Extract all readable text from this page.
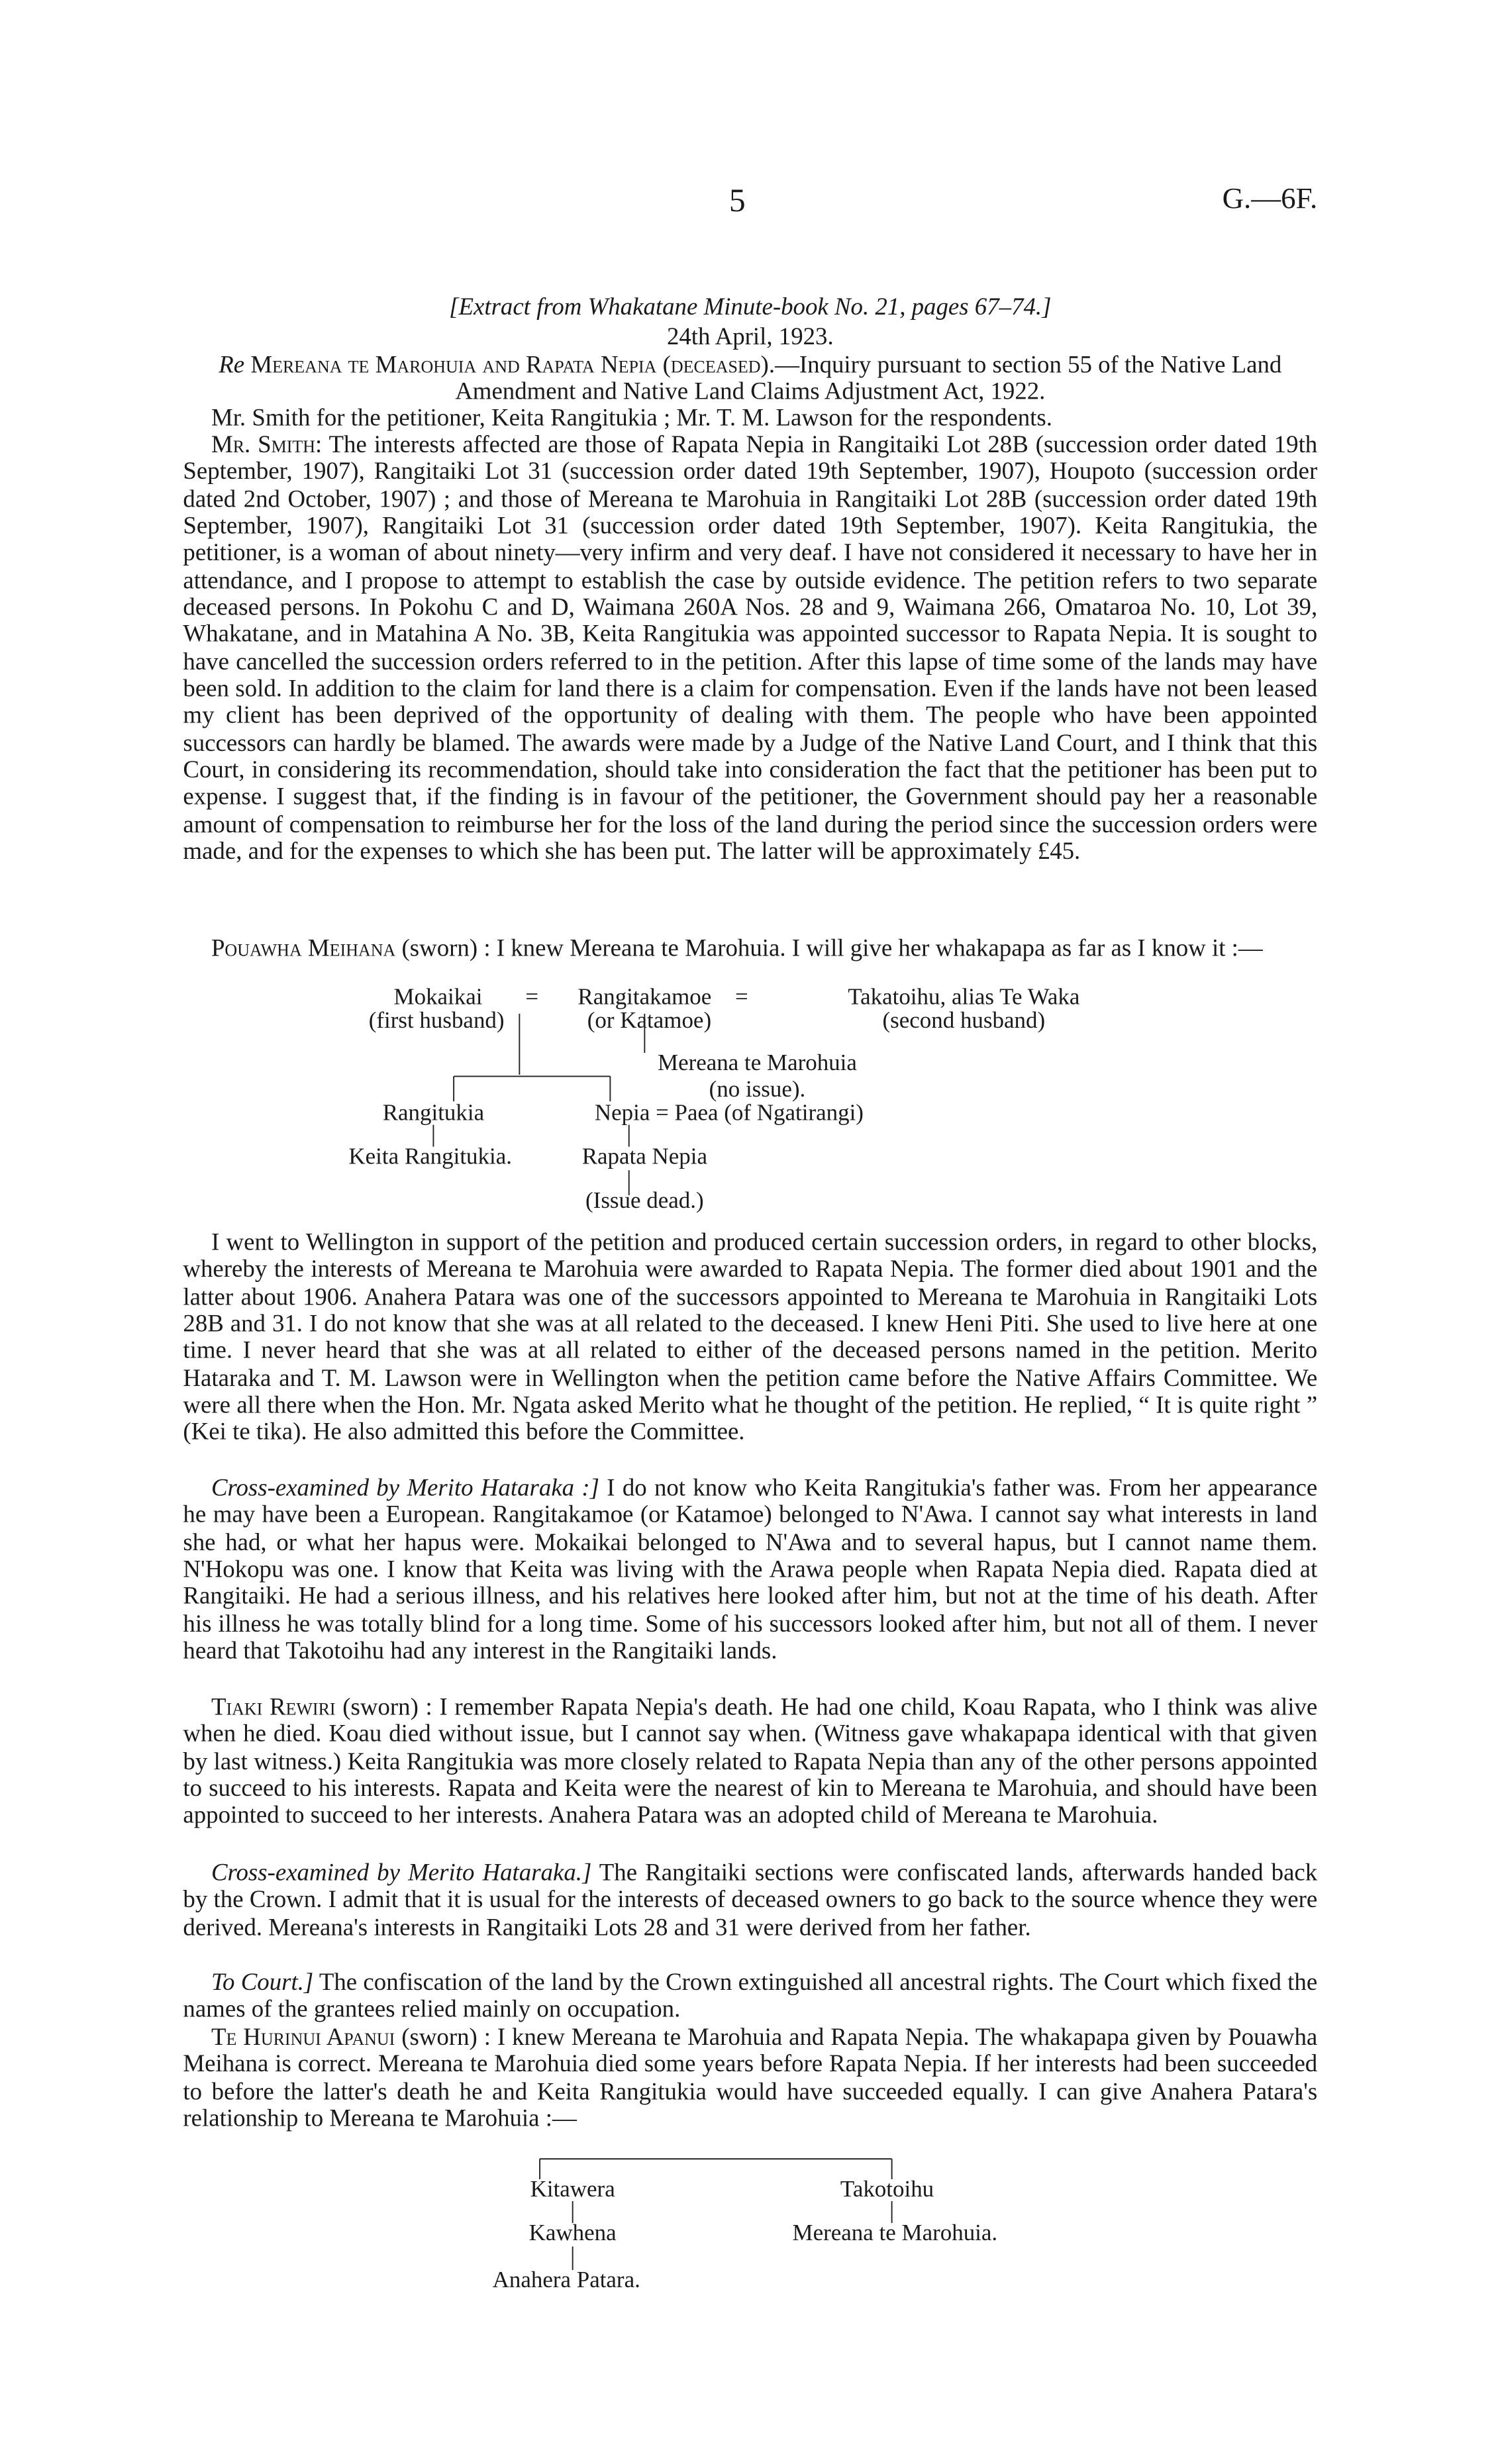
5	G.—6F.
[Extract from Whakatane Minute-book No. 21, pages 67–74.]
24th April, 1923.
Re Mereana te Marohuia and Rapata Nepia (deceased).—Inquiry pursuant to section 55 of the Native Land Amendment and Native Land Claims Adjustment Act, 1922.
Mr. Smith for the petitioner, Keita Rangitukia ; Mr. T. M. Lawson for the respondents.
Mr. Smith: The interests affected are those of Rapata Nepia in Rangitaiki Lot 28B (succession order dated 19th September, 1907), Rangitaiki Lot 31 (succession order dated 19th September, 1907), Houpoto (succession order dated 2nd October, 1907) ; and those of Mereana te Marohuia in Rangitaiki Lot 28B (succession order dated 19th September, 1907), Rangitaiki Lot 31 (succession order dated 19th September, 1907). Keita Rangitukia, the petitioner, is a woman of about ninety—very infirm and very deaf. I have not considered it necessary to have her in attendance, and I propose to attempt to establish the case by outside evidence. The petition refers to two separate deceased persons. In Pokohu C and D, Waimana 260A Nos. 28 and 9, Waimana 266, Omataroa No. 10, Lot 39, Whakatane, and in Matahina A No. 3B, Keita Rangitukia was appointed successor to Rapata Nepia. It is sought to have cancelled the succession orders referred to in the petition. After this lapse of time some of the lands may have been sold. In addition to the claim for land there is a claim for compensation. Even if the lands have not been leased my client has been deprived of the opportunity of dealing with them. The people who have been appointed successors can hardly be blamed. The awards were made by a Judge of the Native Land Court, and I think that this Court, in considering its recommendation, should take into consideration the fact that the petitioner has been put to expense. I suggest that, if the finding is in favour of the petitioner, the Government should pay her a reasonable amount of compensation to reimburse her for the loss of the land during the period since the succession orders were made, and for the expenses to which she has been put. The latter will be approximately £45.
Pouawha Meihana (sworn) : I knew Mereana te Marohuia. I will give her whakapapa as far as I know it :—
Mokaikai	=	Rangitakamoe =	Takatoihu, alias Te Waka
(first husband)	(or Katamoe)	(second husband)
Mereana te Marohuia
(no issue).
Rangitukia	Nepia = Paea (of Ngatirangi)
Keita Rangitukia.	Rapata Nepia
(Issue dead.)
I went to Wellington in support of the petition and produced certain succession orders, in regard to other blocks, whereby the interests of Mereana te Marohuia were awarded to Rapata Nepia. The former died about 1901 and the latter about 1906. Anahera Patara was one of the successors appointed to Mereana te Marohuia in Rangitaiki Lots 28B and 31. I do not know that she was at all related to the deceased. I knew Heni Piti. She used to live here at one time. I never heard that she was at all related to either of the deceased persons named in the petition. Merito Hataraka and T. M. Lawson were in Wellington when the petition came before the Native Affairs Committee. We were all there when the Hon. Mr. Ngata asked Merito what he thought of the petition. He replied, “ It is quite right ” (Kei te tika). He also admitted this before the Committee.
Cross-examined by Merito Hataraka :] I do not know who Keita Rangitukia's father was. From her appearance he may have been a European. Rangitakamoe (or Katamoe) belonged to N'Awa. I cannot say what interests in land she had, or what her hapus were. Mokaikai belonged to N'Awa and to several hapus, but I cannot name them. N'Hokopu was one. I know that Keita was living with the Arawa people when Rapata Nepia died. Rapata died at Rangitaiki. He had a serious illness, and his relatives here looked after him, but not at the time of his death. After his illness he was totally blind for a long time. Some of his successors looked after him, but not all of them. I never heard that Takotoihu had any interest in the Rangitaiki lands.
Tiaki Rewiri (sworn) : I remember Rapata Nepia's death. He had one child, Koau Rapata, who I think was alive when he died. Koau died without issue, but I cannot say when. (Witness gave whakapapa identical with that given by last witness.) Keita Rangitukia was more closely related to Rapata Nepia than any of the other persons appointed to succeed to his interests. Rapata and Keita were the nearest of kin to Mereana te Marohuia, and should have been appointed to succeed to her interests. Anahera Patara was an adopted child of Mereana te Marohuia.
Cross-examined by Merito Hataraka.] The Rangitaiki sections were confiscated lands, afterwards handed back by the Crown. I admit that it is usual for the interests of deceased owners to go back to the source whence they were derived. Mereana's interests in Rangitaiki Lots 28 and 31 were derived from her father.
To Court.] The confiscation of the land by the Crown extinguished all ancestral rights. The Court which fixed the names of the grantees relied mainly on occupation.
Te Hurinui Apanui (sworn) : I knew Mereana te Marohuia and Rapata Nepia. The whakapapa given by Pouawha Meihana is correct. Mereana te Marohuia died some years before Rapata Nepia. If her interests had been succeeded to before the latter's death he and Keita Rangitukia would have succeeded equally. I can give Anahera Patara's relationship to Mereana te Marohuia :—
Kitawera	Takotoihu
Kawhena	Mereana te Marohuia.
Anahera Patara.
